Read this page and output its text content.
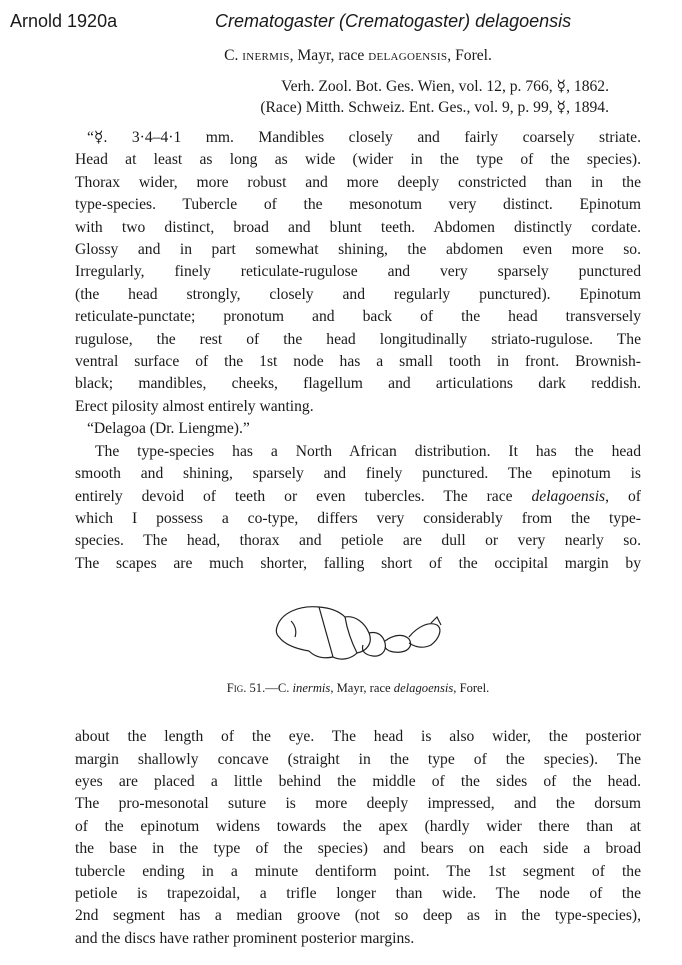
Arnold 1920a	Crematogaster (Crematogaster) delagoensis
C. inermis, Mayr, race delagoensis, Forel.
Verh. Zool. Bot. Ges. Wien, vol. 12, p. 766, ☿, 1862.
(Race) Mitth. Schweiz. Ent. Ges., vol. 9, p. 99, ☿, 1894.
“☿. 3·4–4·1 mm. Mandibles closely and fairly coarsely striate.
Head at least as long as wide (wider in the type of the species).
Thorax wider, more robust and more deeply constricted than in the
type-species. Tubercle of the mesonotum very distinct. Epinotum
with two distinct, broad and blunt teeth. Abdomen distinctly cordate.
Glossy and in part somewhat shining, the abdomen even more so.
Irregularly, finely reticulate-rugulose and very sparsely punctured
(the head strongly, closely and regularly punctured). Epinotum
reticulate-punctate; pronotum and back of the head transversely
rugulose, the rest of the head longitudinally striato-rugulose. The
ventral surface of the 1st node has a small tooth in front. Brownish-
black; mandibles, cheeks, flagellum and articulations dark reddish.
Erect pilosity almost entirely wanting.
“Delagoa (Dr. Liengme).”
The type-species has a North African distribution. It has the head
smooth and shining, sparsely and finely punctured. The epinotum is
entirely devoid of teeth or even tubercles. The race delagoensis, of
which I possess a co-type, differs very considerably from the type-
species. The head, thorax and petiole are dull or very nearly so.
The scapes are much shorter, falling short of the occipital margin by
Fig. 51.—C. inermis, Mayr, race delagoensis, Forel.
about the length of the eye. The head is also wider, the posterior
margin shallowly concave (straight in the type of the species). The
eyes are placed a little behind the middle of the sides of the head.
The pro-mesonotal suture is more deeply impressed, and the dorsum
of the epinotum widens towards the apex (hardly wider there than at
the base in the type of the species) and bears on each side a broad
tubercle ending in a minute dentiform point. The 1st segment of the
petiole is trapezoidal, a trifle longer than wide. The node of the
2nd segment has a median groove (not so deep as in the type-species),
and the discs have rather prominent posterior margins.
